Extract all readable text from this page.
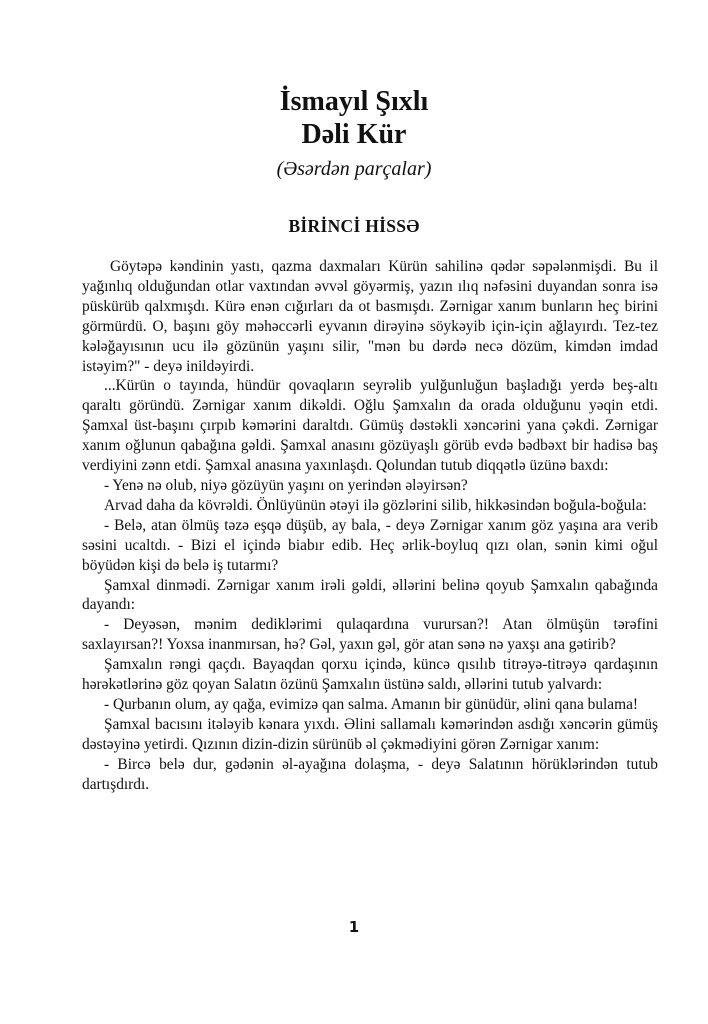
İsmayıl Şıxlı
Dəli Kür
(Əsərdən parçalar)
BİRİNCİ HİSSƏ

Göytəpə kəndinin yastı, qazma daxmaları Kürün sahilinə qədər səpələnmişdi. Bu il yağınlıq olduğundan otlar vaxtından əvvəl göyərmiş, yazın ılıq nəfəsini duyandan sonra isə püskürüb qalxmışdı. Kürə enən cığırları da ot basmışdı. Zərnigar xanım bunların heç birini görmürdü. O, başını göy məhəccərli eyvanın dirəyinə söykəyib için-için ağlayırdı. Tez-tez kələğayısının ucu ilə gözünün yaşını silir, "mən bu dərdə necə dözüm, kimdən imdad istəyim?" - deyə inildəyirdi.

...Kürün o tayında, hündür qovaqların seyrəlib yulğunluğun başladığı yerdə beş-altı qaraltı göründü. Zərnigar xanım dikəldi. Oğlu Şamxalın da orada olduğunu yəqin etdi. Şamxal üst-başını çırpıb kəmərini daraltdı. Gümüş dəstəkli xəncərini yana çəkdi. Zərnigar xanım oğlunun qabağına gəldi. Şamxal anasını gözüyaşlı görüb evdə bədbəxt bir hadisə baş verdiyini zənn etdi. Şamxal anasına yaxınlaşdı. Qolundan tutub diqqətlə üzünə baxdı:

- Yenə nə olub, niyə gözüyün yaşını on yerindən ələyirsən?

Arvad daha da kövrəldi. Önlüyünün ətəyi ilə gözlərini silib, hikkəsindən boğula-boğula:

- Belə, atan ölmüş təzə eşqə düşüb, ay bala, - deyə Zərnigar xanım göz yaşına ara verib səsini ucaltdı. - Bizi el içində biabır edib. Heç ərlik-boyluq qızı olan, sənin kimi oğul böyüdən kişi də belə iş tutarmı?

Şamxal dinmədi. Zərnigar xanım irəli gəldi, əllərini belinə qoyub Şamxalın qabağında dayandı:

- Deyəsən, mənim dediklərimi qulaqardına vurursan?! Atan ölmüşün tərəfini saxlayırsan?! Yoxsa inanmırsan, hə? Gəl, yaxın gəl, gör atan sənə nə yaxşı ana gətirib?

Şamxalın rəngi qaçdı. Bayaqdan qorxu içində, küncə qısılıb titrəyə-titrəyə qardaşının hərəkətlərinə göz qoyan Salatın özünü Şamxalın üstünə saldı, əllərini tutub yalvardı:

- Qurbanın olum, ay qağa, evimizə qan salma. Amanın bir günüdür, əlini qana bulama!

Şamxal bacısını itələyib kənara yıxdı. Əlini sallamalı kəmərindən asdığı xəncərin gümüş dəstəyinə yetirdi. Qızının dizin-dizin sürünüb əl çəkmədiyini görən Zərnigar xanım:

- Bircə belə dur, gədənin əl-ayağına dolaşma, - deyə Salatının hörüklərindən tutub dartışdırdı.

1
